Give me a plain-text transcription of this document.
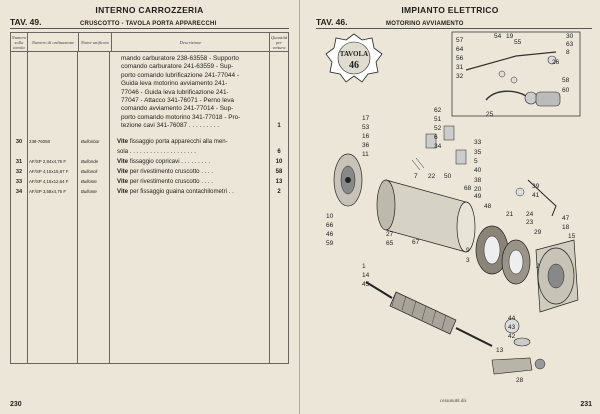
INTERNO CARROZZERIA
TAV. 49.	CRUSCOTTO - TAVOLA PORTA APPARECCHI
Numero sulla tavola
Numero di ordinazione	Nome unificato	Descrizione
Quantità per vettura
mando carburatore 238-63558 - Supporto
comando carburatore 241-63559 - Sup-
porto comando lubrificazione 241-77044 -
Guida leva motorino avviamento 241-
77046 - Guida leva lubrificazione 241-
77047 - Attacco 341-76071 - Perno leva
comando avviamento 241-77014 - Sup-
porto comando motorino 341-77018 - Pro-
tezione cavi 341-76087 . . . . . . . . .	1
30	238-76058	Bullonbar	Vite fissaggio porta apparecchi alla men-
sola . . . . . . . . . . . . . . . . . . . .	6
31	AF/SP 2,84x4,76 F	Bullonde	Vite fissaggio copricavi . . . . . . . . .	10
32	AF/SP 4,15x15,87 F	Bullonck	Vite per rivestimento cruscotto . . . .	58
33	AF/SP 4,15x12,64 F	Bullonte	Vite per rivestimento cruscotto . . . .	13
34	AF/SP 3,58x4,76 F	Bullonte	Vite per fissaggio guaina contachilometri . .	2
230
IMPIANTO ELETTRICO
TAV. 46.	MOTORINO AVVIAMENTO
TAVOLA
46
57
64
56
31
32
54 19
55
30
63
8
26
58
60
25
17
53
16
36
11
62
51
52
6
34
33
35
5
40
38
7 22 50
68 20
49
39
41
47
18
15
48
24
23
29
21
10
66
46
59
27
65	67
9
3
2
1
14
45
44
43
42
13
28
cessunatk.dis	231
